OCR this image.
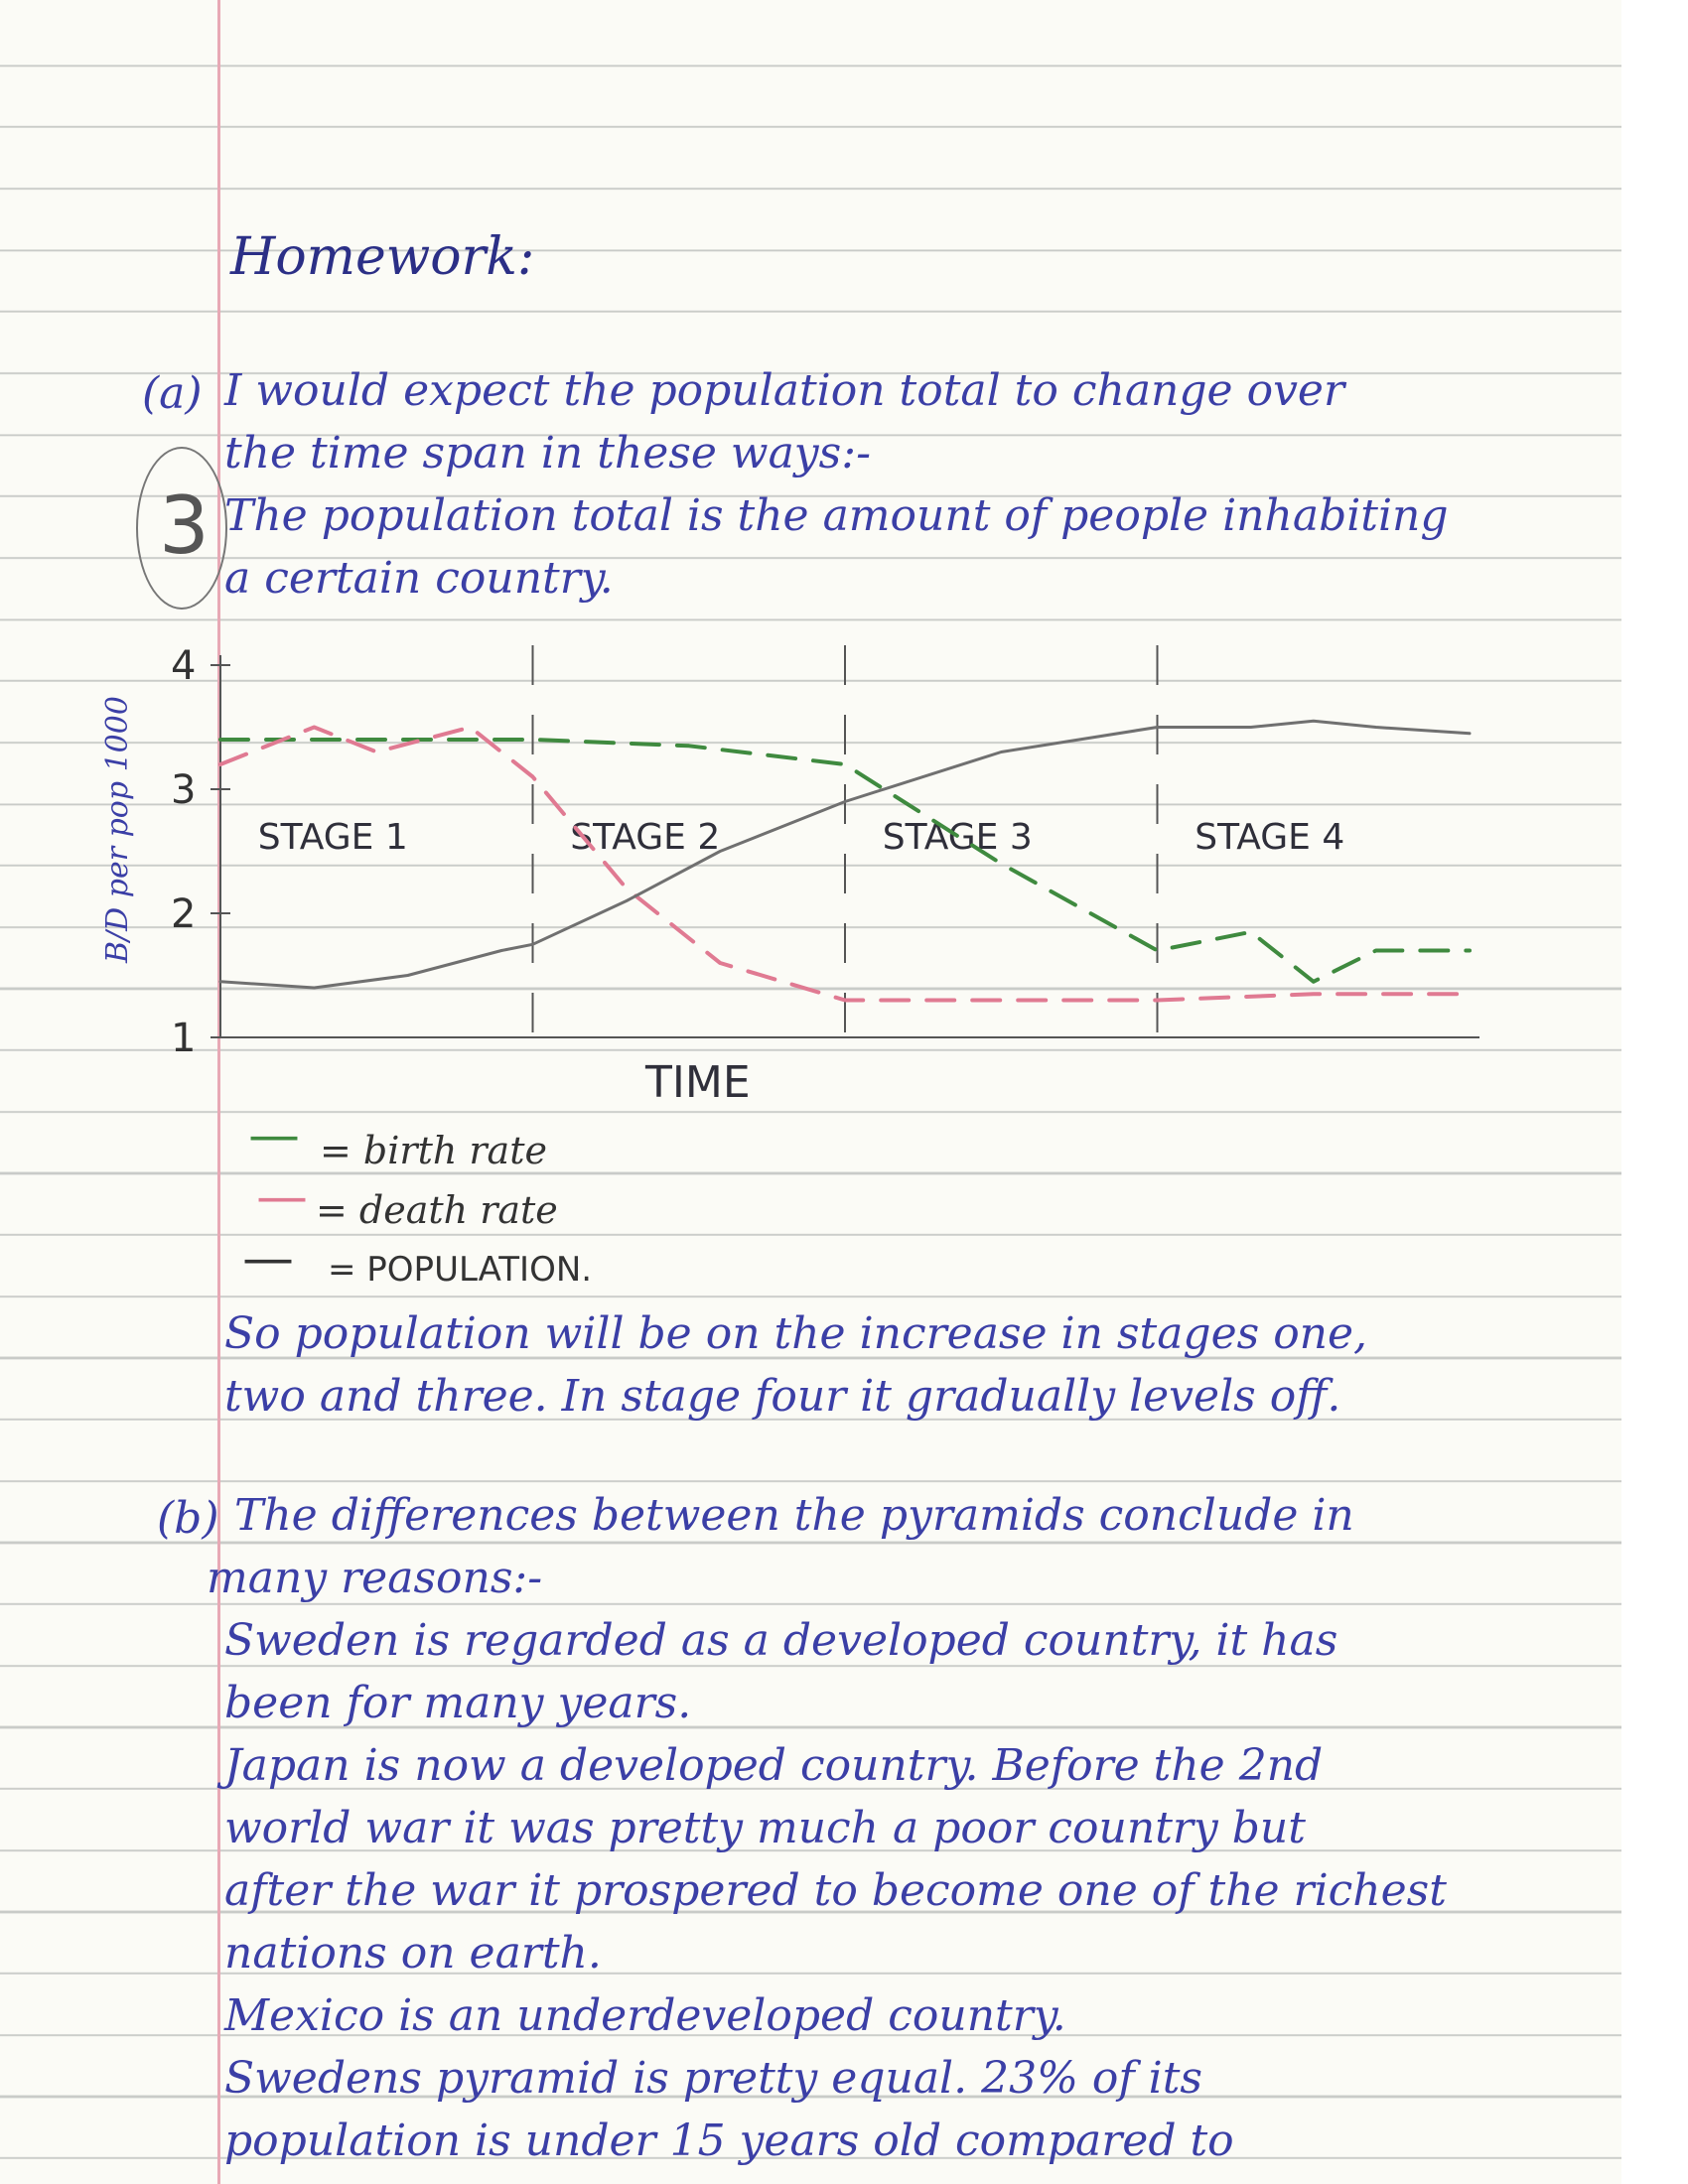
Homework:
(a) I would expect the population total to change over
the time span in these ways:-
The population total is the amount of people inhabiting
a certain country.
3
1
2
3
4
STAGE 1	STAGE 2	STAGE 3	STAGE 4
TIME
B/D per pop 1000
— = birth rate
— = death rate
— = POPULATION.
So population will be on the increase in stages one,
two and three. In stage four it gradually levels off.
(b) The differences between the pyramids conclude in
many reasons:-
Sweden is regarded as a developed country, it has
been for many years.
Japan is now a developed country. Before the 2nd
world war it was pretty much a poor country but
after the war it prospered to become one of the richest
nations on earth.
Mexico is an underdeveloped country.
Swedens pyramid is pretty equal. 23% of its
population is under 15 years old compared to
